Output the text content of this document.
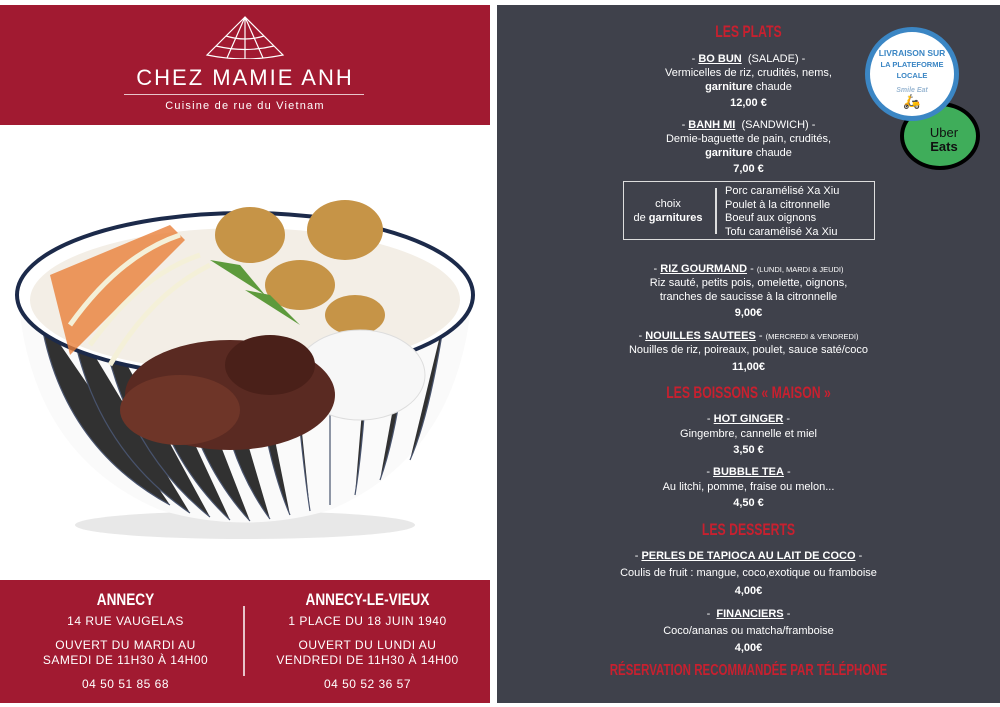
CHEZ MAMIE ANH
Cuisine de rue du Vietnam
ANNECY
14 RUE VAUGELAS
OUVERT DU MARDI AU
SAMEDI DE 11H30 À 14H00
04 50 51 85 68
ANNECY-LE-VIEUX
1 PLACE DU 18 JUIN 1940
OUVERT DU LUNDI AU
VENDREDI DE 11H30 À 14H00
04 50 52 36 57
LIVRAISON SUR
LA PLATEFORME LOCALE
Smile Eat
🛵
Uber
Eats
LES PLATS
- BO BUN (SALADE) -
Vermicelles de riz, crudités, nems,
garniture chaude
12,00 €
- BANH MI (SANDWICH) -
Demie-baguette de pain, crudités,
garniture chaude
7,00 €
choix
de garnitures
Porc caramélisé Xa Xiu
Poulet à la citronnelle
Boeuf aux oignons
Tofu caramélisé Xa Xiu
- RIZ GOURMAND - (LUNDI, MARDI & JEUDI)
Riz sauté, petits pois, omelette, oignons,
tranches de saucisse à la citronnelle
9,00€
- NOUILLES SAUTEES - (MERCREDI & VENDREDI)
Nouilles de riz, poireaux, poulet, sauce saté/coco
11,00€
LES BOISSONS « MAISON »
- HOT GINGER -
Gingembre, cannelle et miel
3,50 €
- BUBBLE TEA -
Au litchi, pomme, fraise ou melon...
4,50 €
LES DESSERTS
- PERLES DE TAPIOCA AU LAIT DE COCO -
Coulis de fruit : mangue, coco,exotique ou framboise
4,00€
-  FINANCIERS -
Coco/ananas ou matcha/framboise
4,00€
RÉSERVATION RECOMMANDÉE PAR TÉLÉPHONE
